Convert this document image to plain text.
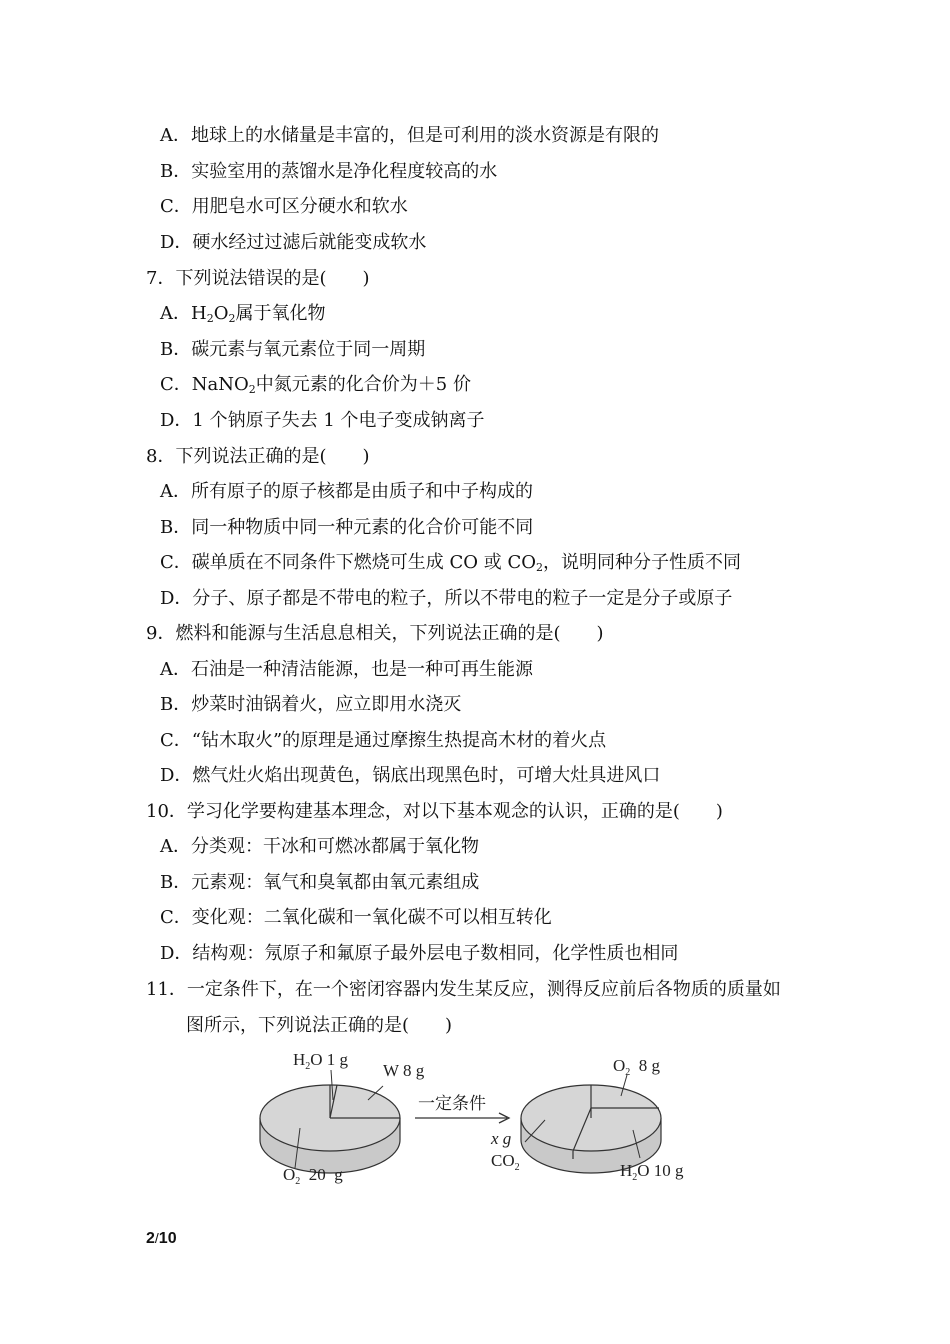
A．地球上的水储量是丰富的，但是可利用的淡水资源是有限的
B．实验室用的蒸馏水是净化程度较高的水
C．用肥皂水可区分硬水和软水
D．硬水经过过滤后就能变成软水
7．下列说法错误的是(　　)
A．$H_2O_2$属于氧化物
B．碳元素与氧元素位于同一周期
C．NaNO$_2$中氮元素的化合价为＋5 价
D．1 个钠原子失去 1 个电子变成钠离子
8．下列说法正确的是(　　)
A．所有原子的原子核都是由质子和中子构成的
B．同一种物质中同一种元素的化合价可能不同
C．碳单质在不同条件下燃烧可生成 CO 或 $CO_2$，说明同种分子性质不同
D．分子、原子都是不带电的粒子，所以不带电的粒子一定是分子或原子
9．燃料和能源与生活息息相关，下列说法正确的是(　　)
A．石油是一种清洁能源，也是一种可再生能源
B．炒菜时油锅着火，应立即用水浇灭
C．“钻木取火”的原理是通过摩擦生热提高木材的着火点
D．燃气灶火焰出现黄色，锅底出现黑色时，可增大灶具进风口
10．学习化学要构建基本理念，对以下基本观念的认识，正确的是(　　)
A．分类观：干冰和可燃冰都属于氧化物
B．元素观：氧气和臭氧都由氧元素组成
C．变化观：二氧化碳和一氧化碳不可以相互转化
D．结构观：氖原子和氟原子最外层电子数相同，化学性质也相同
11．一定条件下，在一个密闭容器内发生某反应，测得反应前后各物质的质量如
图所示，下列说法正确的是(　　)
$H_2O$ 1 g
W 8 g
$O_2$  20  g
一定条件
$O_2$  8 g
x g
$CO_2$	$H_2O$ 10 g
2/10
